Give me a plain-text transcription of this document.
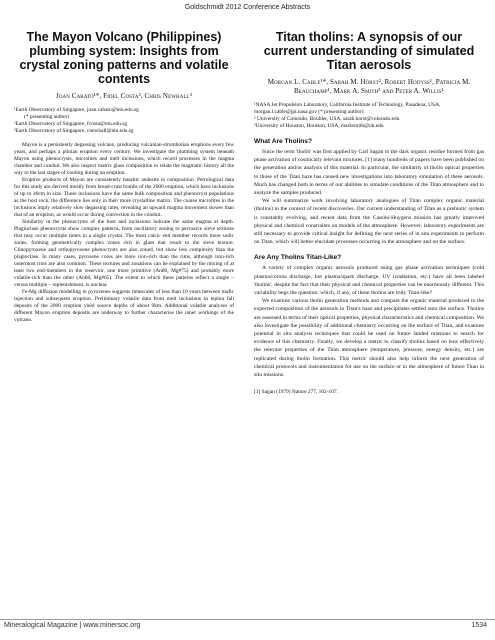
Goldschmidt 2012 Conference Abstracts
The Mayon Volcano (Philippines) plumbing system: Insights from crystal zoning patterns and volatile contents
Joan Cabato¹*, Fidel Costa², Chris Newhall³

¹Earth Observatory of Singapore, joan.cabato@ntu.edu.sg

(* presenting author)

²Earth Observatory of Singapore, fcosta@ntu.edu.sg

³Earth Observatory of Singapore, cnewhall@ntu.edu.sg

Mayon is a persistently degassing volcano, producing vulcanian-strombolian eruptions every few years, and perhaps a plinian eruption every century. We investigate the plumbing system beneath Mayon using phenocrysts, microlites and melt inclusions, which record processes in the magma chamber and conduit. We also inspect matrix glass composition to relate the magmatic history all the way to the last stages of cooling during an eruption.

Eruptive products of Mayon are consistently basaltic andesite in composition. Petrological data for this study are derived mostly from bread-crust bombs of the 2000 eruption, which have inclusions of up to 40cm in size. These inclusions have the same bulk composition and phenocryst populations as the host rock, the difference lies only in their more crystalline matrix. The coarse microlites in the inclusions imply relatively slow degassing rates, revealing an upward magma movement slower than that of an eruption, as would occur during convection in the conduit.

Similarity in the phenocrysts of the host and inclusions indicate the same magma at depth. Plagioclase phenocrysts show complex patterns, from oscillatory zoning to pervasive sieve textures that may occur multiple times in a single crystal. The most calcic end member records more sodic zones, forming geometrically complex zones rich in glass that result to the sieve texture. Clinopyroxene and orthopyroxene phenocrysts are also zoned, but show less complexity than the plagioclase. In many cases, pyroxene cores are more iron-rich than the rims, although iron-rich outermost rims are also common. These textures and zonations can be explained by the mixing of at least two end-members in the reservoir, one more primitive (An80, Mg#75) and probably more volatile-rich than the other (An60, Mg#65). The extent to which these patterns reflect a single – versus multiple – replenishment, is unclear.

Fe-Mg diffusion modelling in pyroxenes suggests timescales of less than 10 years between mafic injection and subsequent eruption. Preliminary volatile data from melt inclusions in tephra fall deposits of the 2000 eruption yield source depths of about 9km. Additional volatile analyses of different Mayon eruption deposits are underway to further characterise the inner workings of the volcano.

Titan tholins: A synopsis of our current understanding of simulated Titan aerosols
Morgan L. Cable¹*, Sarah M. Hörst², Robert Hodyss¹, Patricia M. Beauchamp¹, Mark A. Smith³ and Peter A. Willis¹

¹NASA Jet Propulsion Laboratory, California Institute of Technology, Pasadena, USA, morgan.l.cable@jpl.nasa.gov (* presenting author)

² University of Colorado, Boulder, USA, sarah.horst@colorado.edu

³University of Houston, Houston, USA, marksmith@uh.edu

What Are Tholins?

Since the term 'tholin' was first applied by Carl Sagan to the dark organic residue formed from gas phase activation of cosmically relevant mixtures, [1] many hundreds of papers have been published on the generation and/or analysis of this material. In particular, the similarity of tholin optical properties to those of the Titan haze has caused new investigations into laboratory simulation of these aerosols. Much has changed both in terms of our abilities to simulate conditions of the Titan atmosphere and to analyze the samples produced.

We will summarize work involving laboratory analogues of Titan complex organic material (tholins) in the context of recent discoveries. Our current understanding of Titan as a prebiotic system is constantly evolving, and recent data from the Cassini-Huygens mission has greatly improved physical and chemical constraints on models of the atmosphere. However, laboratory experiments are still necessary to provide critical insight for defining the next series of in situ experiments to perform on Titan, which will better elucidate processes occurring in the atmosphere and on the surface.

Are Any Tholins Titan-Like?

A variety of complex organic aerosols produced using gas phase activation techniques (cold plasma/corona discharge, hot plasma/spark discharge, UV irradiation, etc.) have all been labeled 'tholins', despite the fact that their physical and chemical properties can be enormously different. This variability begs the question: which, if any, of these tholins are truly Titan-like?

We examine various tholin generation methods and compare the organic material produced to the expected composition of the aerosols in Titan's haze and precipitates settled onto the surface. Tholins are assessed in terms of their optical properties, physical characteristics and chemical composition. We also investigate the possibility of additional chemistry occurring on the surface of Titan, and examine potential in situ analysis techniques that could be used on future landed missions to search for evidence of this chemistry. Finally, we develop a metric to classify tholins based on how effectively the relevant properties of the Titan atmosphere (temperature, pressure, energy density, etc.) are replicated during tholin formation. This metric should also help inform the next generation of chemical protocols and instrumentation for use on the surface or in the atmosphere of future Titan in situ missions.

[1] Sagan (1979) Nature 277, 102-107.
Mineralogical Magazine | www.minersoc.org	1534
